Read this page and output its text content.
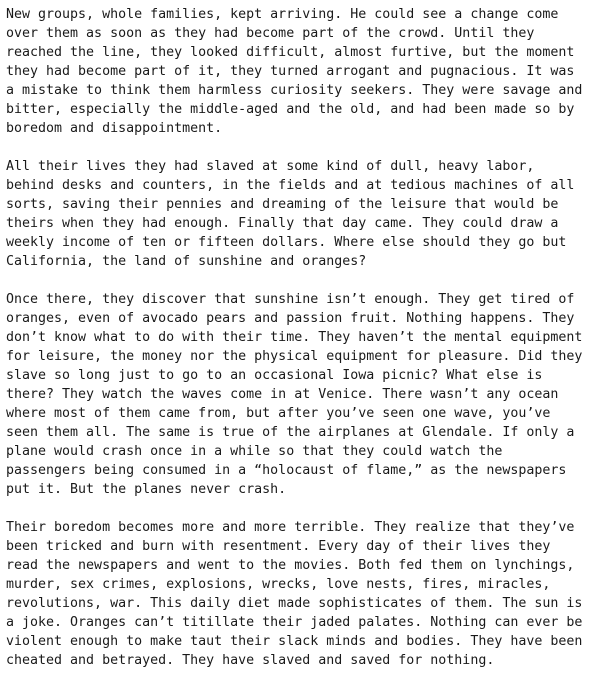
New groups, whole families, kept arriving. He could see a change come
over them as soon as they had become part of the crowd. Until they
reached the line, they looked difficult, almost furtive, but the moment
they had become part of it, they turned arrogant and pugnacious. It was
a mistake to think them harmless curiosity seekers. They were savage and
bitter, especially the middle-aged and the old, and had been made so by
boredom and disappointment.

All their lives they had slaved at some kind of dull, heavy labor,
behind desks and counters, in the fields and at tedious machines of all
sorts, saving their pennies and dreaming of the leisure that would be
theirs when they had enough. Finally that day came. They could draw a
weekly income of ten or fifteen dollars. Where else should they go but
California, the land of sunshine and oranges?

Once there, they discover that sunshine isn’t enough. They get tired of
oranges, even of avocado pears and passion fruit. Nothing happens. They
don’t know what to do with their time. They haven’t the mental equipment
for leisure, the money nor the physical equipment for pleasure. Did they
slave so long just to go to an occasional Iowa picnic? What else is
there? They watch the waves come in at Venice. There wasn’t any ocean
where most of them came from, but after you’ve seen one wave, you’ve
seen them all. The same is true of the airplanes at Glendale. If only a
plane would crash once in a while so that they could watch the
passengers being consumed in a “holocaust of flame,” as the newspapers
put it. But the planes never crash.

Their boredom becomes more and more terrible. They realize that they’ve
been tricked and burn with resentment. Every day of their lives they
read the newspapers and went to the movies. Both fed them on lynchings,
murder, sex crimes, explosions, wrecks, love nests, fires, miracles,
revolutions, war. This daily diet made sophisticates of them. The sun is
a joke. Oranges can’t titillate their jaded palates. Nothing can ever be
violent enough to make taut their slack minds and bodies. They have been
cheated and betrayed. They have slaved and saved for nothing.
